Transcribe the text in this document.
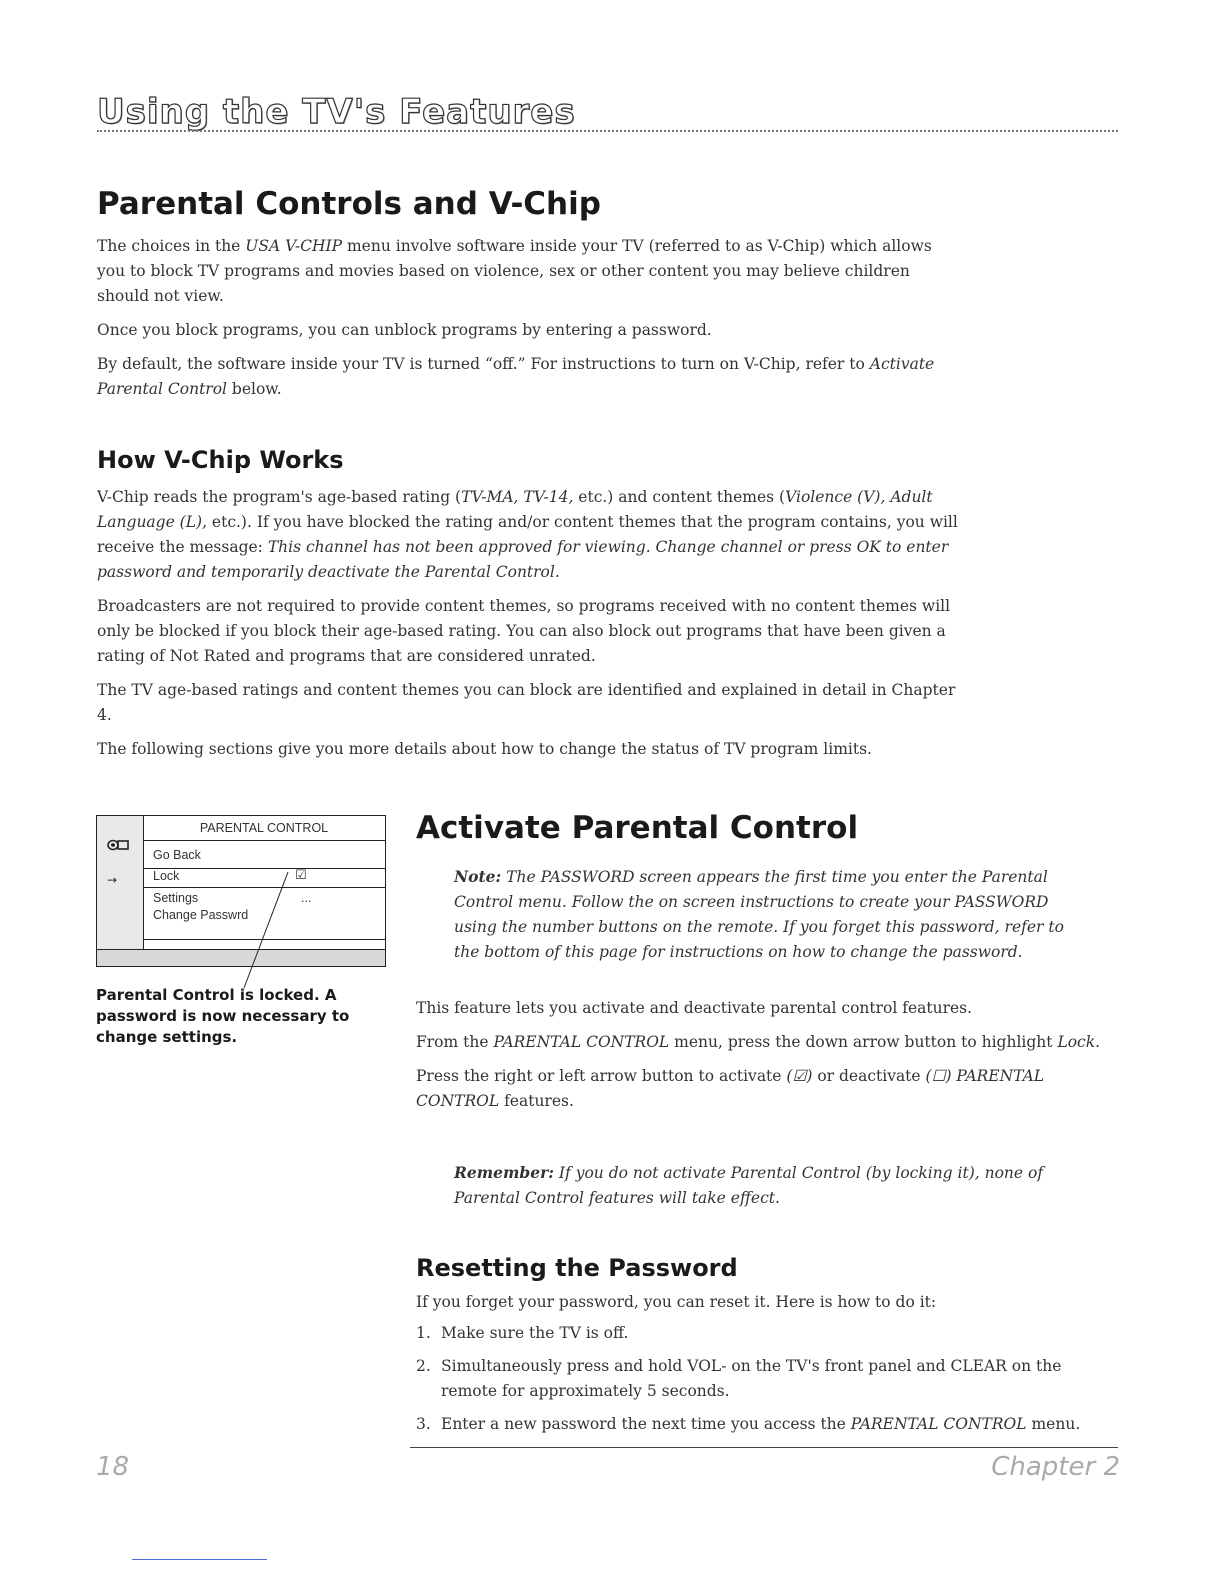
Using the TV's Features
Parental Controls and V-Chip

The choices in the USA V-CHIP menu involve software inside your TV (referred to as V-Chip) which allows you to block TV programs and movies based on violence, sex or other content you may believe children should not view.

Once you block programs, you can unblock programs by entering a password.

By default, the software inside your TV is turned “off.” For instructions to turn on V-Chip, refer to Activate Parental Control below.

How V-Chip Works

V-Chip reads the program's age-based rating (TV-MA, TV-14, etc.) and content themes (Violence (V), Adult Language (L), etc.). If you have blocked the rating and/or content themes that the program contains, you will receive the message: This channel has not been approved for viewing. Change channel or press OK to enter password and temporarily deactivate the Parental Control.

Broadcasters are not required to provide content themes, so programs received with no content themes will only be blocked if you block their age-based rating. You can also block out programs that have been given a rating of Not Rated and programs that are considered unrated.

The TV age-based ratings and content themes you can block are identified and explained in detail in Chapter 4.

The following sections give you more details about how to change the status of TV program limits.

→
PARENTAL CONTROL
Go Back
Lock	☑
Settings	...
Change Passwrd
Parental Control is locked. A password is now necessary to change settings.
Activate Parental Control

Note: The PASSWORD screen appears the first time you enter the Parental Control menu. Follow the on screen instructions to create your PASSWORD using the number buttons on the remote. If you forget this password, refer to the bottom of this page for instructions on how to change the password.

This feature lets you activate and deactivate parental control features.

From the PARENTAL CONTROL menu, press the down arrow button to highlight Lock.

Press the right or left arrow button to activate (☑) or deactivate (☐) PARENTAL CONTROL features.

Remember: If you do not activate Parental Control (by locking it), none of Parental Control features will take effect.

Resetting the Password

If you forget your password, you can reset it. Here is how to do it:

1. Make sure the TV is off.
2. Simultaneously press and hold VOL- on the TV's front panel and CLEAR on the remote for approximately 5 seconds.
3. Enter a new password the next time you access the PARENTAL CONTROL menu.
18	Chapter 2
